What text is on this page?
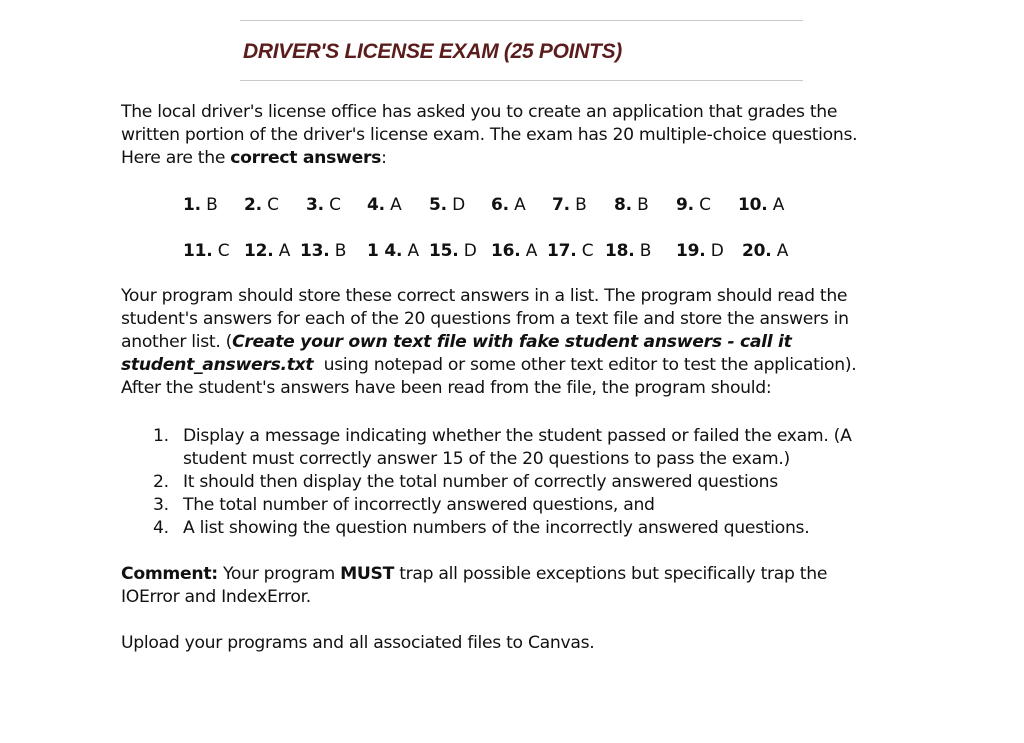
DRIVER'S LICENSE EXAM (25 POINTS)

The local driver's license office has asked you to create an application that grades the

written portion of the driver's license exam. The exam has 20 multiple-choice questions.

Here are the correct answers:

1. B 2. C 3. C 4. A 5. D 6. A 7. B 8. B 9. C 10. A
11. C 12. A 13. B 1 4. A 15. D 16. A 17. C 18. B 19. D 20. A

Your program should store these correct answers in a list. The program should read the

student's answers for each of the 20 questions from a text file and store the answers in

another list. (Create your own text file with fake student answers - call it

student_answers.txt  using notepad or some other text editor to test the application).

After the student's answers have been read from the file, the program should:

1. Display a message indicating whether the student passed or failed the exam. (A
student must correctly answer 15 of the 20 questions to pass the exam.)
2. It should then display the total number of correctly answered questions
3. The total number of incorrectly answered questions, and
4. A list showing the question numbers of the incorrectly answered questions.

Comment: Your program MUST trap all possible exceptions but specifically trap the

IOError and IndexError.

Upload your programs and all associated files to Canvas.
